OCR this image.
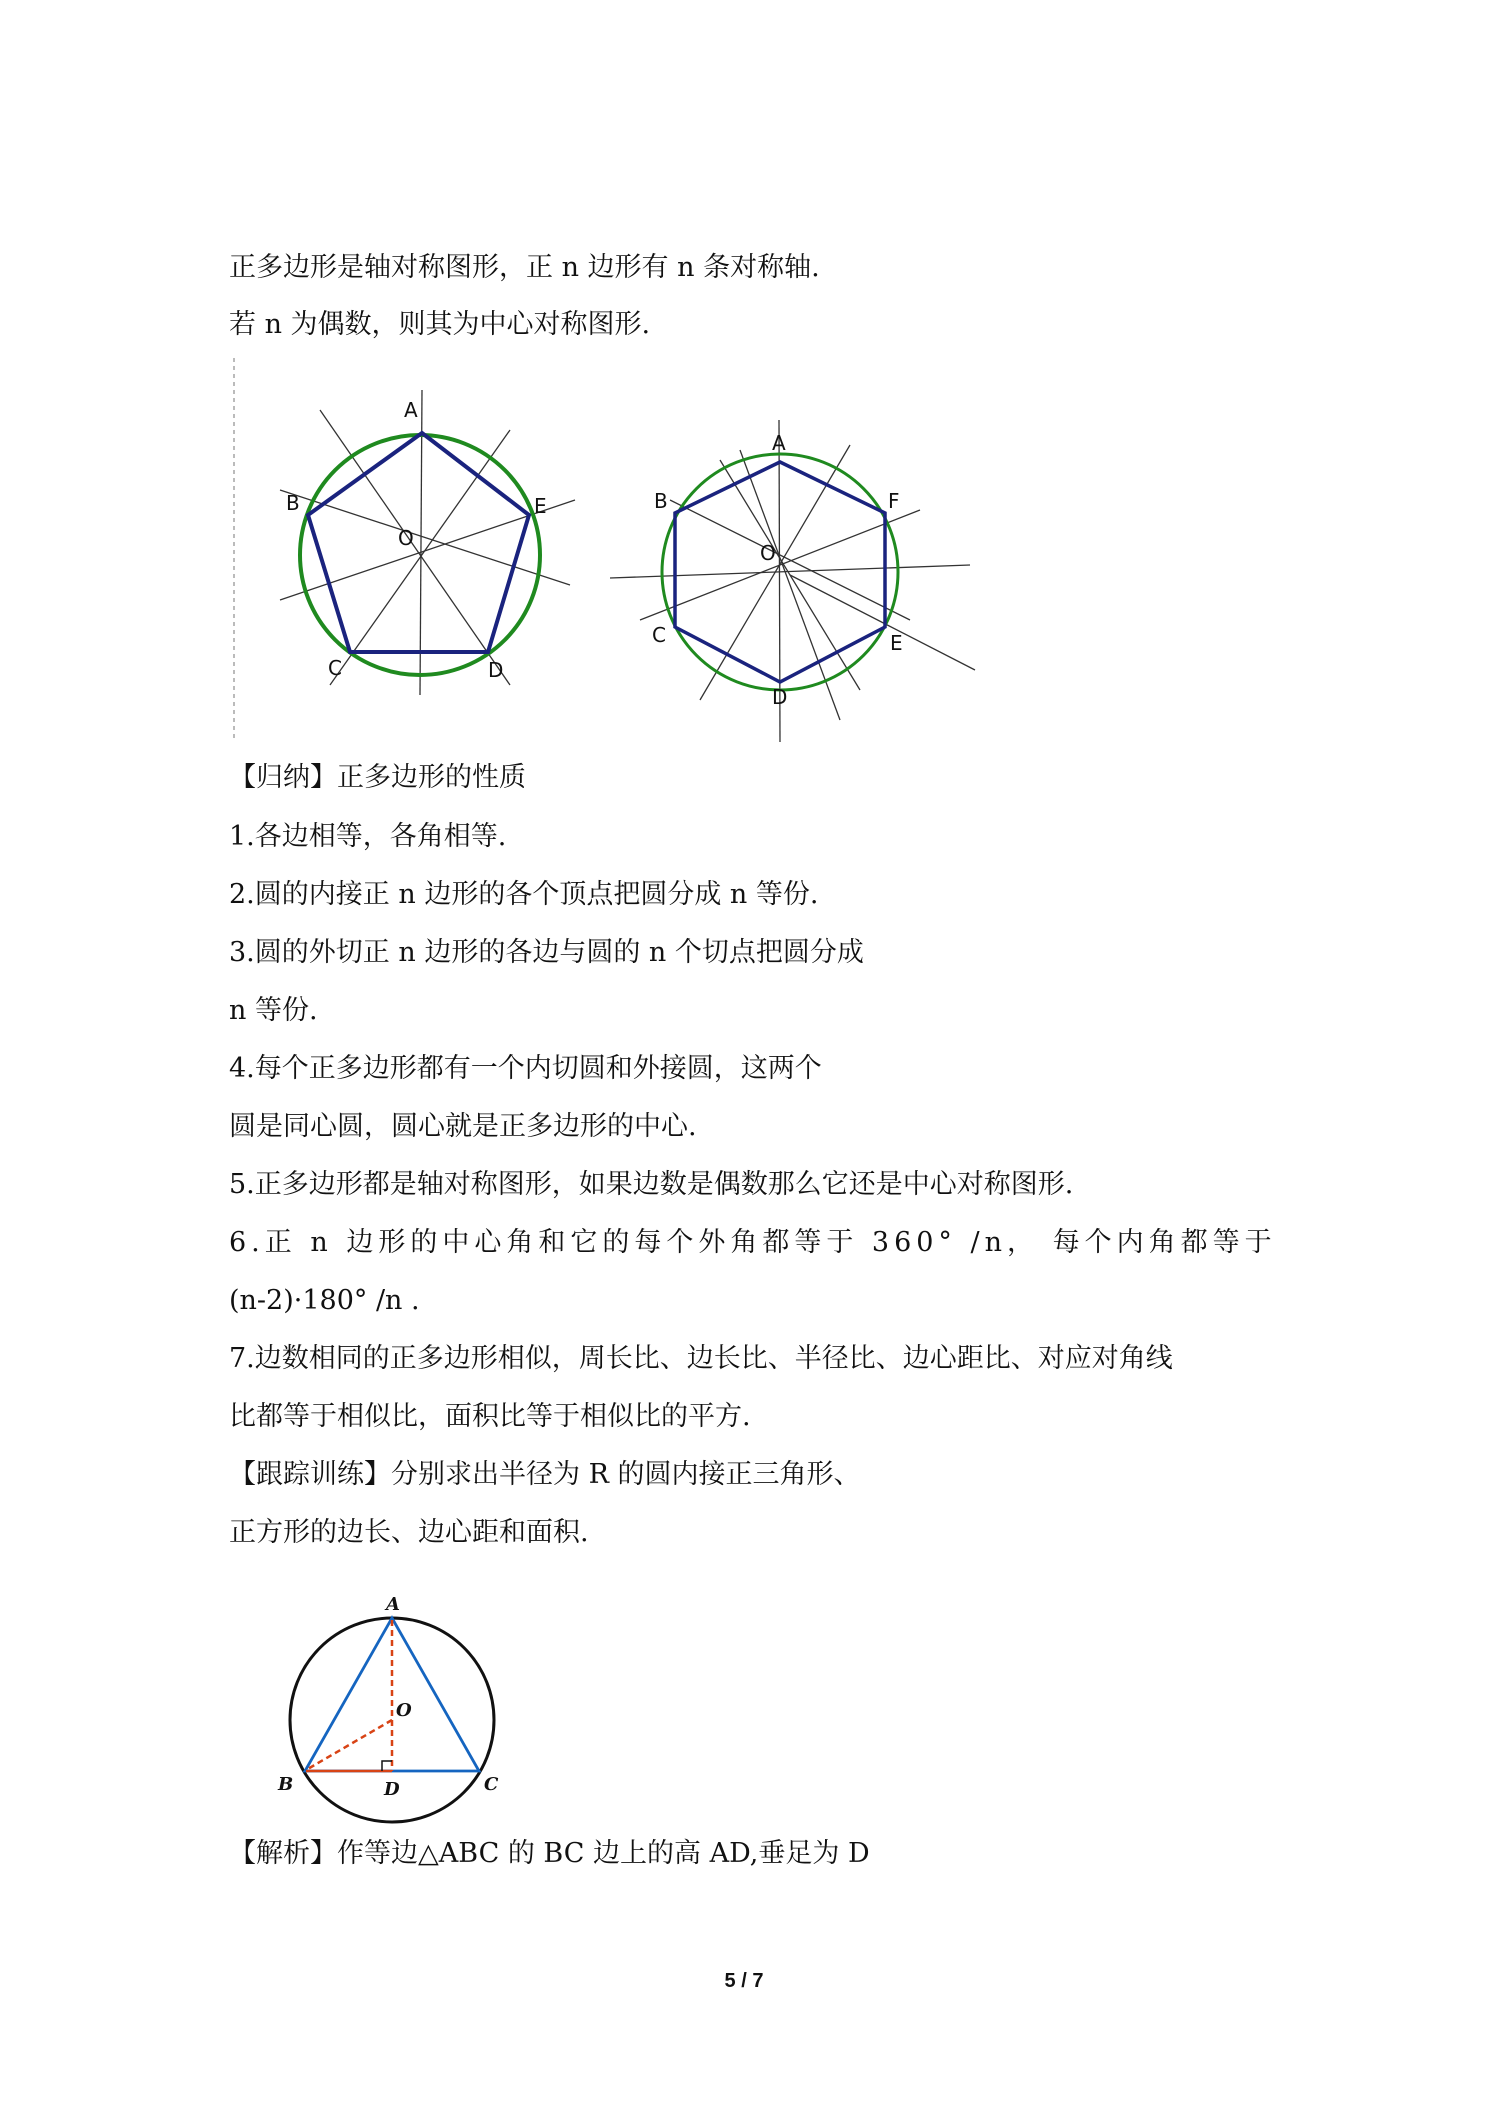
正多边形是轴对称图形，正 n 边形有 n 条对称轴.
若 n 为偶数，则其为中心对称图形.
A
B	E
O
C	D
A
B	F
O
C	E
D
【归纳】正多边形的性质
1.各边相等，各角相等.
2.圆的内接正 n 边形的各个顶点把圆分成 n 等份.
3.圆的外切正 n 边形的各边与圆的 n 个切点把圆分成
n 等份.
4.每个正多边形都有一个内切圆和外接圆，这两个
圆是同心圆，圆心就是正多边形的中心.
5.正多边形都是轴对称图形，如果边数是偶数那么它还是中心对称图形.
6.正 n 边形的中心角和它的每个外角都等于 360° /n， 每个内角都等于
(n-2)·180° /n .
7.边数相同的正多边形相似，周长比、边长比、半径比、边心距比、对应对角线
比都等于相似比，面积比等于相似比的平方.
【跟踪训练】分别求出半径为 R 的圆内接正三角形、
正方形的边长、边心距和面积.
A
O
B	D	C
【解析】作等边△ABC 的 BC 边上的高 AD,垂足为 D
5 / 7
